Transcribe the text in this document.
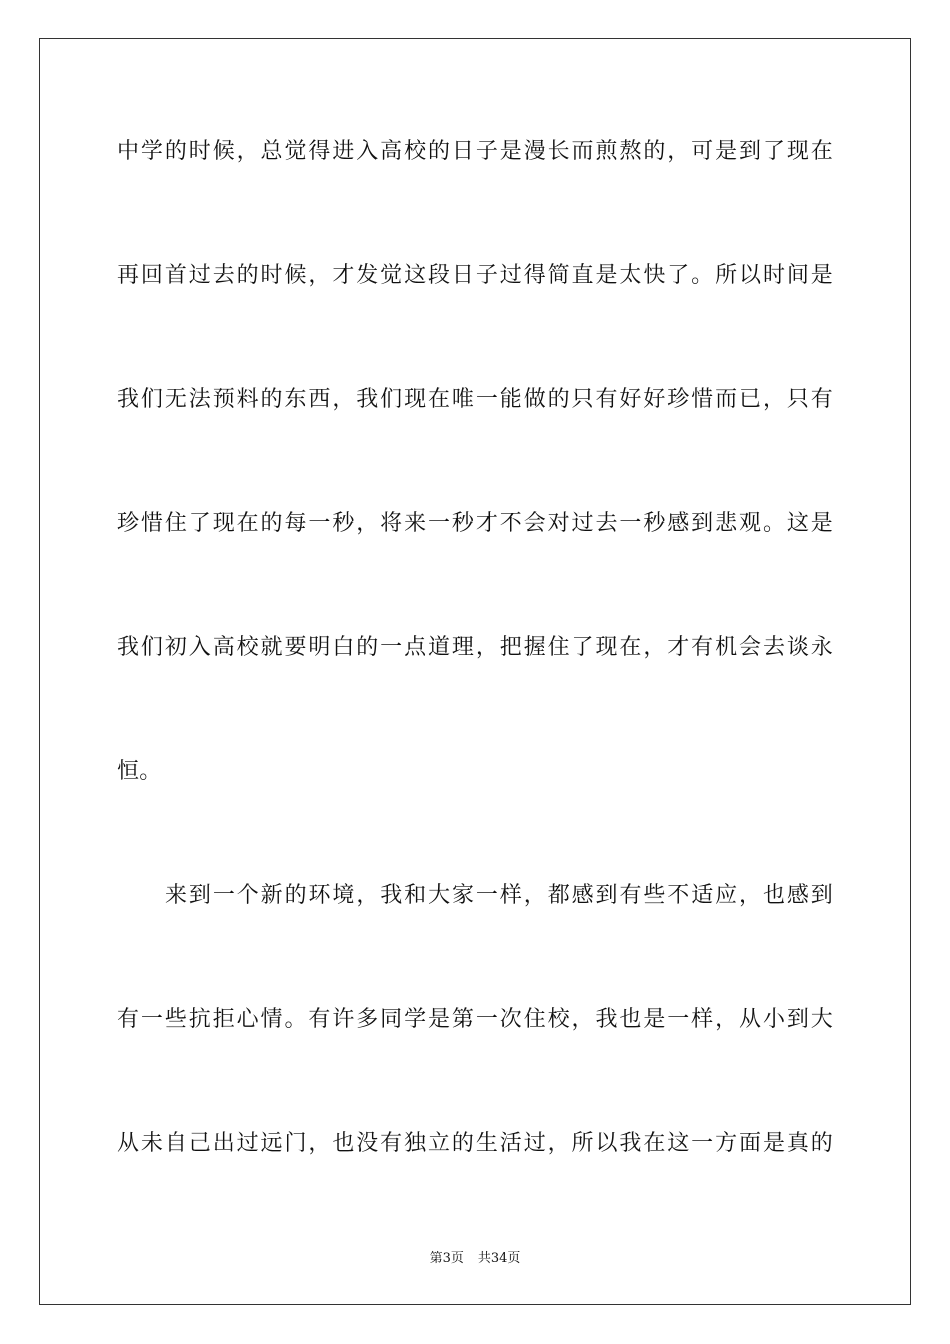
中学的时候，总觉得进入高校的日子是漫长而煎熬的，可是到了现在
再回首过去的时候，才发觉这段日子过得简直是太快了。所以时间是
我们无法预料的东西，我们现在唯一能做的只有好好珍惜而已，只有
珍惜住了现在的每一秒，将来一秒才不会对过去一秒感到悲观。这是
我们初入高校就要明白的一点道理，把握住了现在，才有机会去谈永
恒。
来到一个新的环境，我和大家一样，都感到有些不适应，也感到
有一些抗拒心情。有许多同学是第一次住校，我也是一样，从小到大
从未自己出过远门，也没有独立的生活过，所以我在这一方面是真的
第3页 共34页
